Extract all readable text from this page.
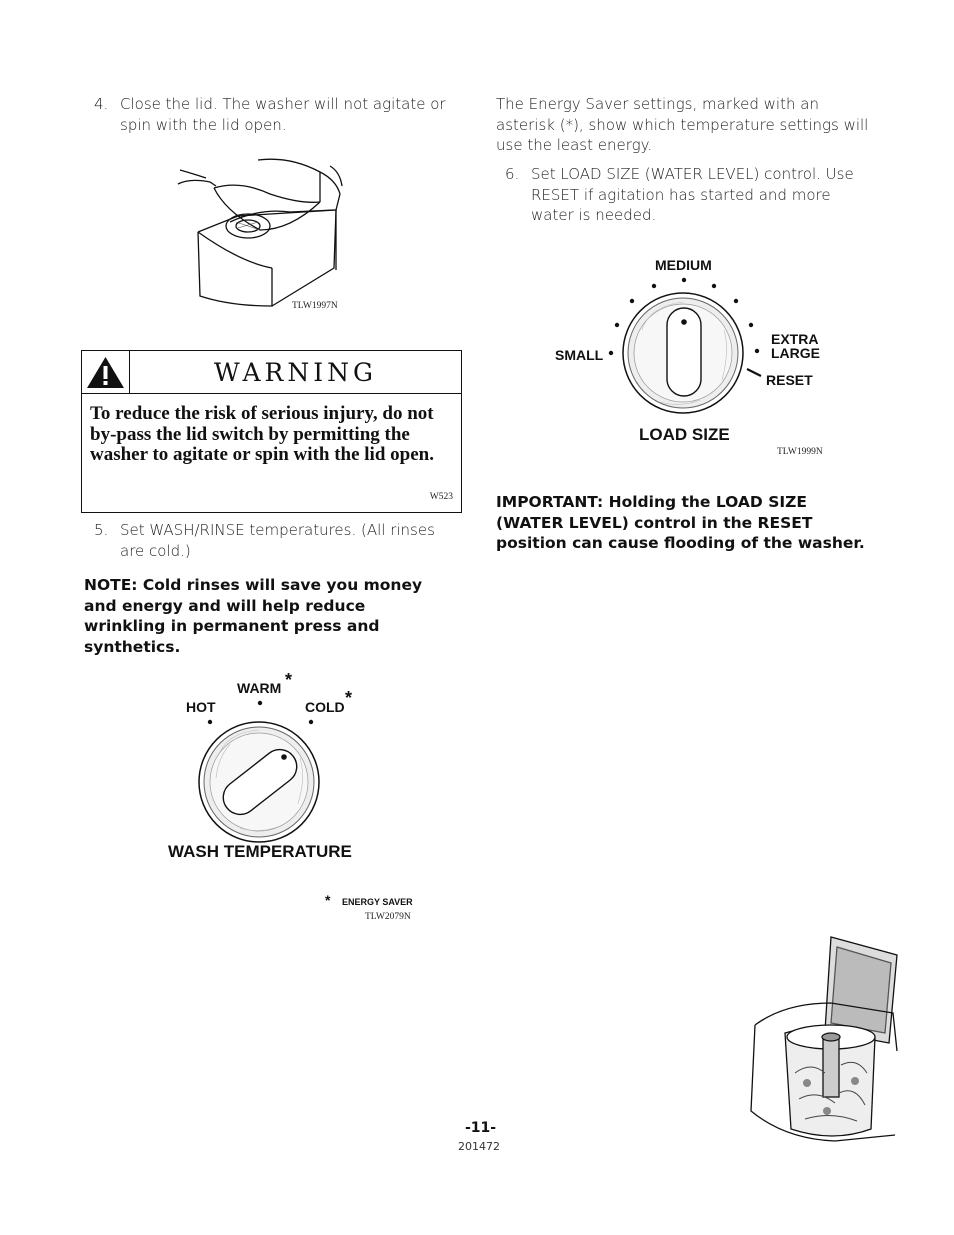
4. Close the lid. The washer will not agitate or spin with the lid open.
TLW1997N
WARNING
To reduce the risk of serious injury, do not by-pass the lid switch by permitting the washer to agitate or spin with the lid open.
W523
5. Set WASH/RINSE temperatures. (All rinses are cold.)
NOTE: Cold rinses will save you money and energy and will help reduce wrinkling in permanent press and synthetics.
HOT
WARM *
COLD *
WASH TEMPERATURE
* ENERGY SAVER
TLW2079N
The Energy Saver settings, marked with an asterisk (*), show which temperature settings will use the least energy.
6. Set LOAD SIZE (WATER LEVEL) control. Use RESET if agitation has started and more water is needed.
MEDIUM
SMALL
EXTRA
LARGE
RESET
LOAD SIZE
TLW1999N
IMPORTANT: Holding the LOAD SIZE (WATER LEVEL) control in the RESET position can cause flooding of the washer.
-11-
201472
